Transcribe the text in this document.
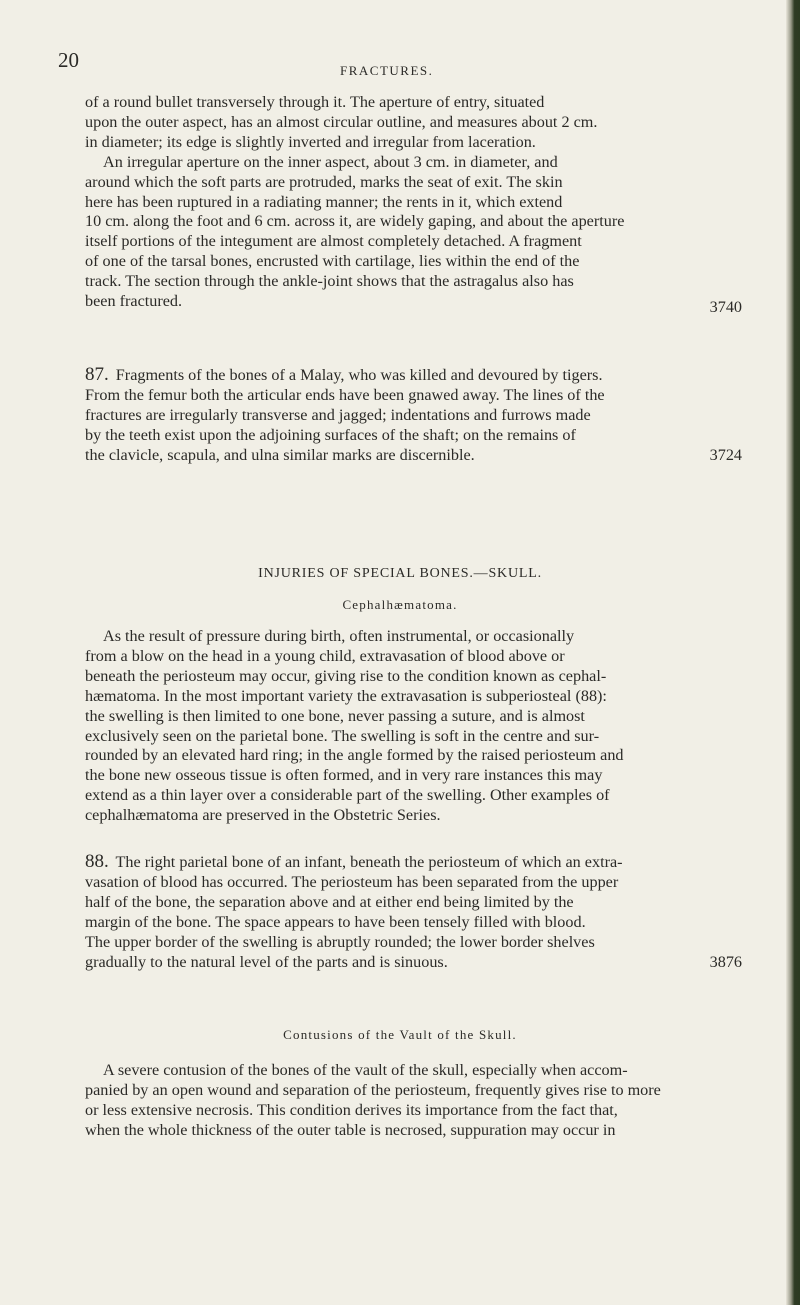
20	FRACTURES.

of a round bullet transversely through it. The aperture of entry, situated

upon the outer aspect, has an almost circular outline, and measures about 2 cm.

in diameter; its edge is slightly inverted and irregular from laceration.

An irregular aperture on the inner aspect, about 3 cm. in diameter, and

around which the soft parts are protruded, marks the seat of exit. The skin

here has been ruptured in a radiating manner; the rents in it, which extend

10 cm. along the foot and 6 cm. across it, are widely gaping, and about the aperture

itself portions of the integument are almost completely detached. A fragment

of one of the tarsal bones, encrusted with cartilage, lies within the end of the

track. The section through the ankle-joint shows that the astragalus also has

been fractured.	3740

87. Fragments of the bones of a Malay, who was killed and devoured by tigers.

From the femur both the articular ends have been gnawed away. The lines of the

fractures are irregularly transverse and jagged; indentations and furrows made

by the teeth exist upon the adjoining surfaces of the shaft; on the remains of

the clavicle, scapula, and ulna similar marks are discernible.	3724

INJURIES OF SPECIAL BONES.—SKULL.
Cephalhæmatoma.

As the result of pressure during birth, often instrumental, or occasionally

from a blow on the head in a young child, extravasation of blood above or

beneath the periosteum may occur, giving rise to the condition known as cephal-

hæmatoma. In the most important variety the extravasation is subperiosteal (88):

the swelling is then limited to one bone, never passing a suture, and is almost

exclusively seen on the parietal bone. The swelling is soft in the centre and sur-

rounded by an elevated hard ring; in the angle formed by the raised periosteum and

the bone new osseous tissue is often formed, and in very rare instances this may

extend as a thin layer over a considerable part of the swelling. Other examples of

cephalhæmatoma are preserved in the Obstetric Series.

88. The right parietal bone of an infant, beneath the periosteum of which an extra-

vasation of blood has occurred. The periosteum has been separated from the upper

half of the bone, the separation above and at either end being limited by the

margin of the bone. The space appears to have been tensely filled with blood.

The upper border of the swelling is abruptly rounded; the lower border shelves

gradually to the natural level of the parts and is sinuous.	3876

Contusions of the Vault of the Skull.

A severe contusion of the bones of the vault of the skull, especially when accom-

panied by an open wound and separation of the periosteum, frequently gives rise to more

or less extensive necrosis. This condition derives its importance from the fact that,

when the whole thickness of the outer table is necrosed, suppuration may occur in
